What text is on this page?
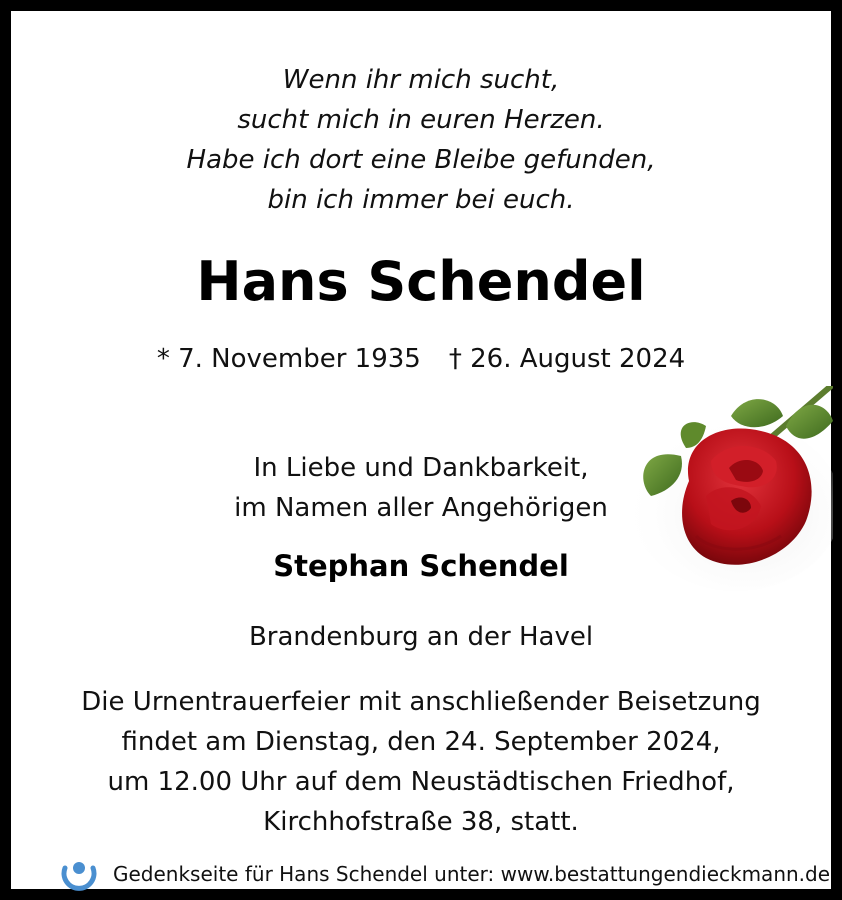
Wenn ihr mich sucht,
sucht mich in euren Herzen.
Habe ich dort eine Bleibe gefunden,
bin ich immer bei euch.
Hans Schendel
* 7. November 1935 † 26. August 2024
In Liebe und Dankbarkeit,
im Namen aller Angehörigen
Stephan Schendel
Brandenburg an der Havel
Die Urnentrauerfeier mit anschließender Beisetzung
findet am Dienstag, den 24. September 2024,
um 12.00 Uhr auf dem Neustädtischen Friedhof,
Kirchhofstraße 38, statt.
Gedenkseite für Hans Schendel unter: www.bestattungendieckmann.de
